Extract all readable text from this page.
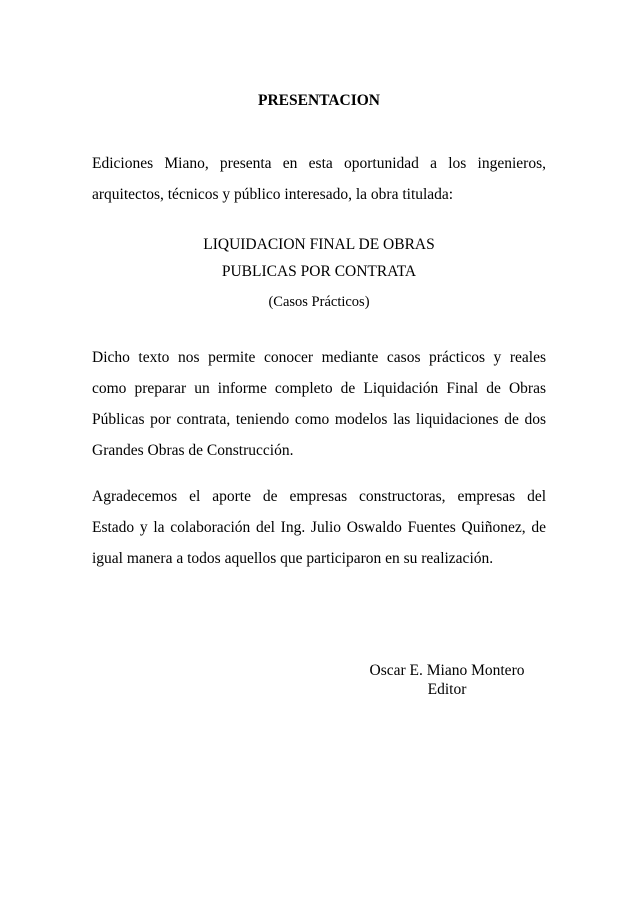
PRESENTACION

Ediciones Miano, presenta en esta oportunidad a los ingenieros,
arquitectos, técnicos y público interesado, la obra titulada:

LIQUIDACION FINAL DE OBRAS
PUBLICAS POR CONTRATA
(Casos Prácticos)

Dicho texto nos permite conocer mediante casos prácticos y reales
como preparar un informe completo de Liquidación Final de Obras
Públicas por contrata, teniendo como modelos las liquidaciones de dos
Grandes Obras de Construcción.

Agradecemos el aporte de empresas constructoras, empresas del
Estado y la colaboración del Ing. Julio Oswaldo Fuentes Quiñonez, de
igual manera a todos aquellos que participaron en su realización.

Oscar E. Miano Montero
Editor
